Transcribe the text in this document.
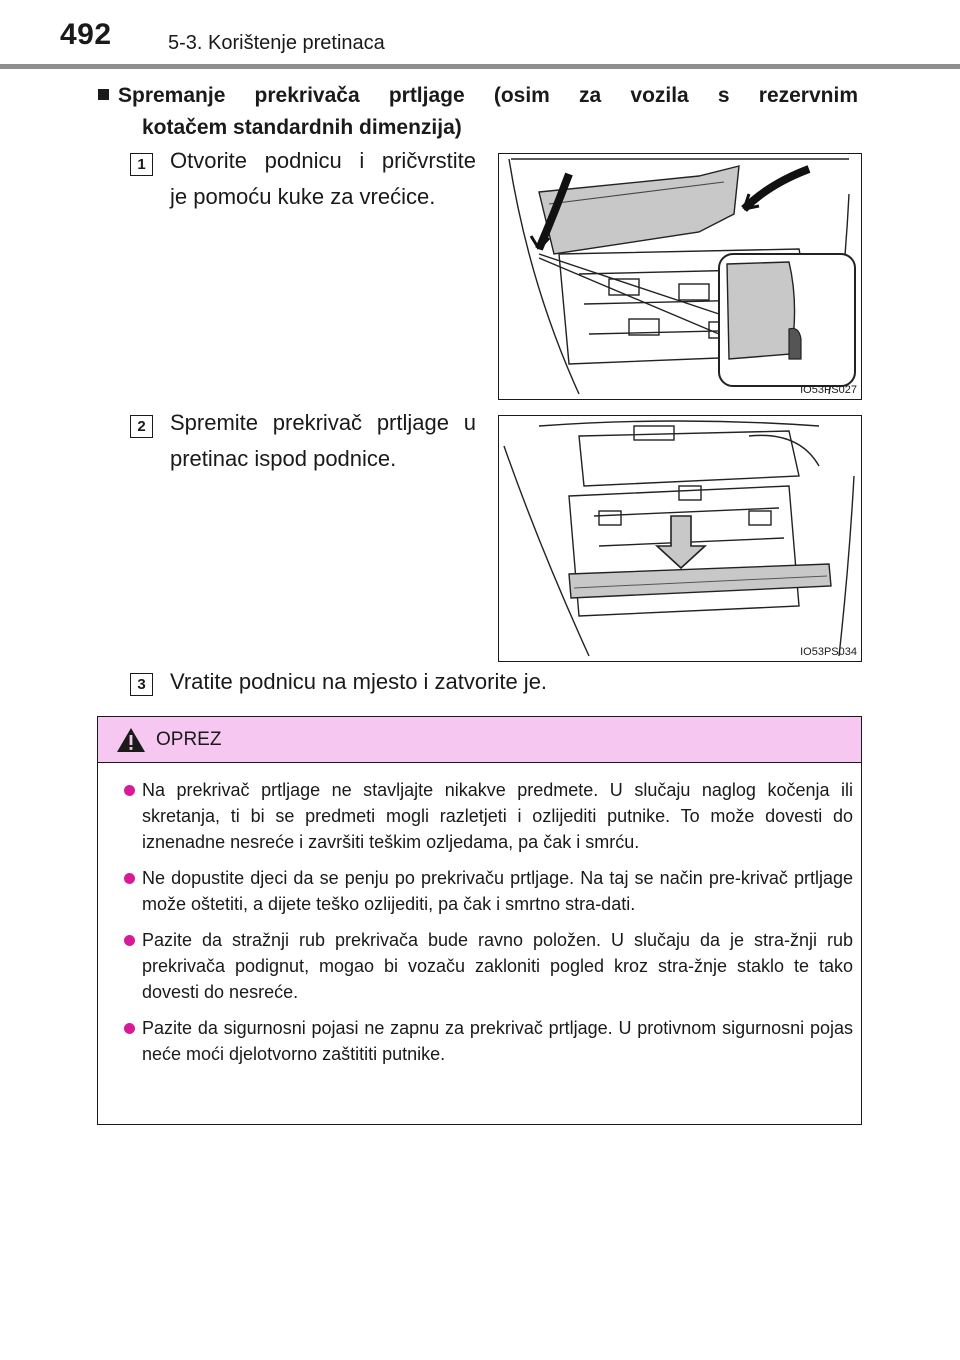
492	5-3. Korištenje pretinaca
Spremanje prekrivača prtljage (osim za vozila s rezervnim
kotačem standardnih dimenzija)
1	Otvorite podnicu i pričvrstite
je pomoću kuke za vrećice.
IO53PS027
2	Spremite prekrivač prtljage u
pretinac ispod podnice.
IO53PS034
3	Vratite podnicu na mjesto i zatvorite je.
OPREZ
Na prekrivač prtljage ne stavljajte nikakve predmete. U slučaju naglog kočenja ili skretanja, ti bi se predmeti mogli razletjeti i ozlijediti putnike. To može dovesti do iznenadne nesreće i završiti teškim ozljedama, pa čak i smrću.
Ne dopustite djeci da se penju po prekrivaču prtljage. Na taj se način pre-krivač prtljage može oštetiti, a dijete teško ozlijediti, pa čak i smrtno stra-dati.
Pazite da stražnji rub prekrivača bude ravno položen. U slučaju da je stra-žnji rub prekrivača podignut, mogao bi vozaču zakloniti pogled kroz stra-žnje staklo te tako dovesti do nesreće.
Pazite da sigurnosni pojasi ne zapnu za prekrivač prtljage. U protivnom sigurnosni pojas neće moći djelotvorno zaštititi putnike.
